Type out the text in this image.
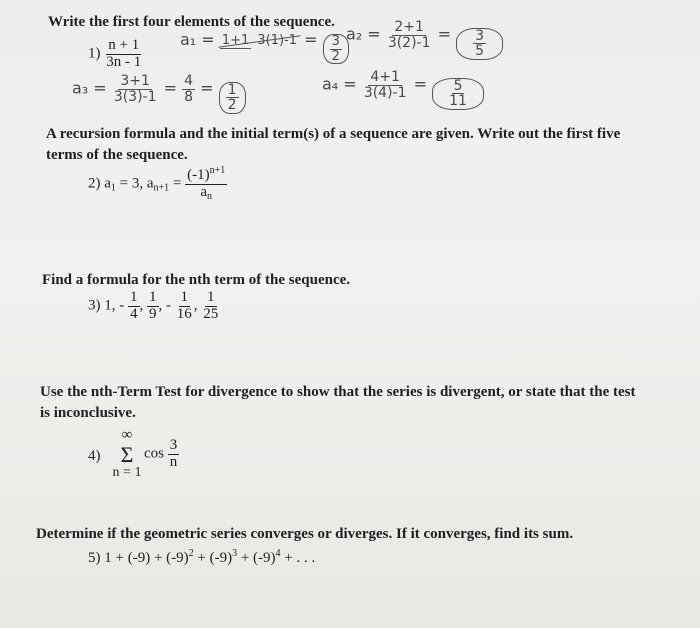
Write the first four elements of the sequence.
$1) \frac{n + 1}{3n - 1} a_1 = 1+1$ $3(1)-1 = \frac{3}{2}$
$a_2 = \frac{2+1}{3(2)-1} = \frac{3}{5}$
$a_3 = \frac{3+1}{3(3)-1} = \frac{4}{8} = \frac{1}{2}$	$a_4 = \frac{4+1}{3(4)-1} = \frac{5}{11}$
A recursion formula and the initial term(s) of a sequence are given. Write out the first five terms of the sequence.
2) $a_1 = 3$, $a_{n+1} = \frac{(-1)^{n+1}}{a_n}$
Find a formula for the nth term of the sequence.
3) 1, - $\frac{1}{4}$ , $\frac{1}{9}$ , - $\frac{1}{16}$ , $\frac{1}{25}$
Use the nth-Term Test for divergence to show that the series is divergent, or state that the test is inconclusive.
4)
∞
Σ
n = 1
$\cos \frac{3}{n}$
Determine if the geometric series converges or diverges. If it converges, find its sum.
5) $1 + (-9) + (-9)^2 + (-9)^3 + (-9)^4$ + . . .
